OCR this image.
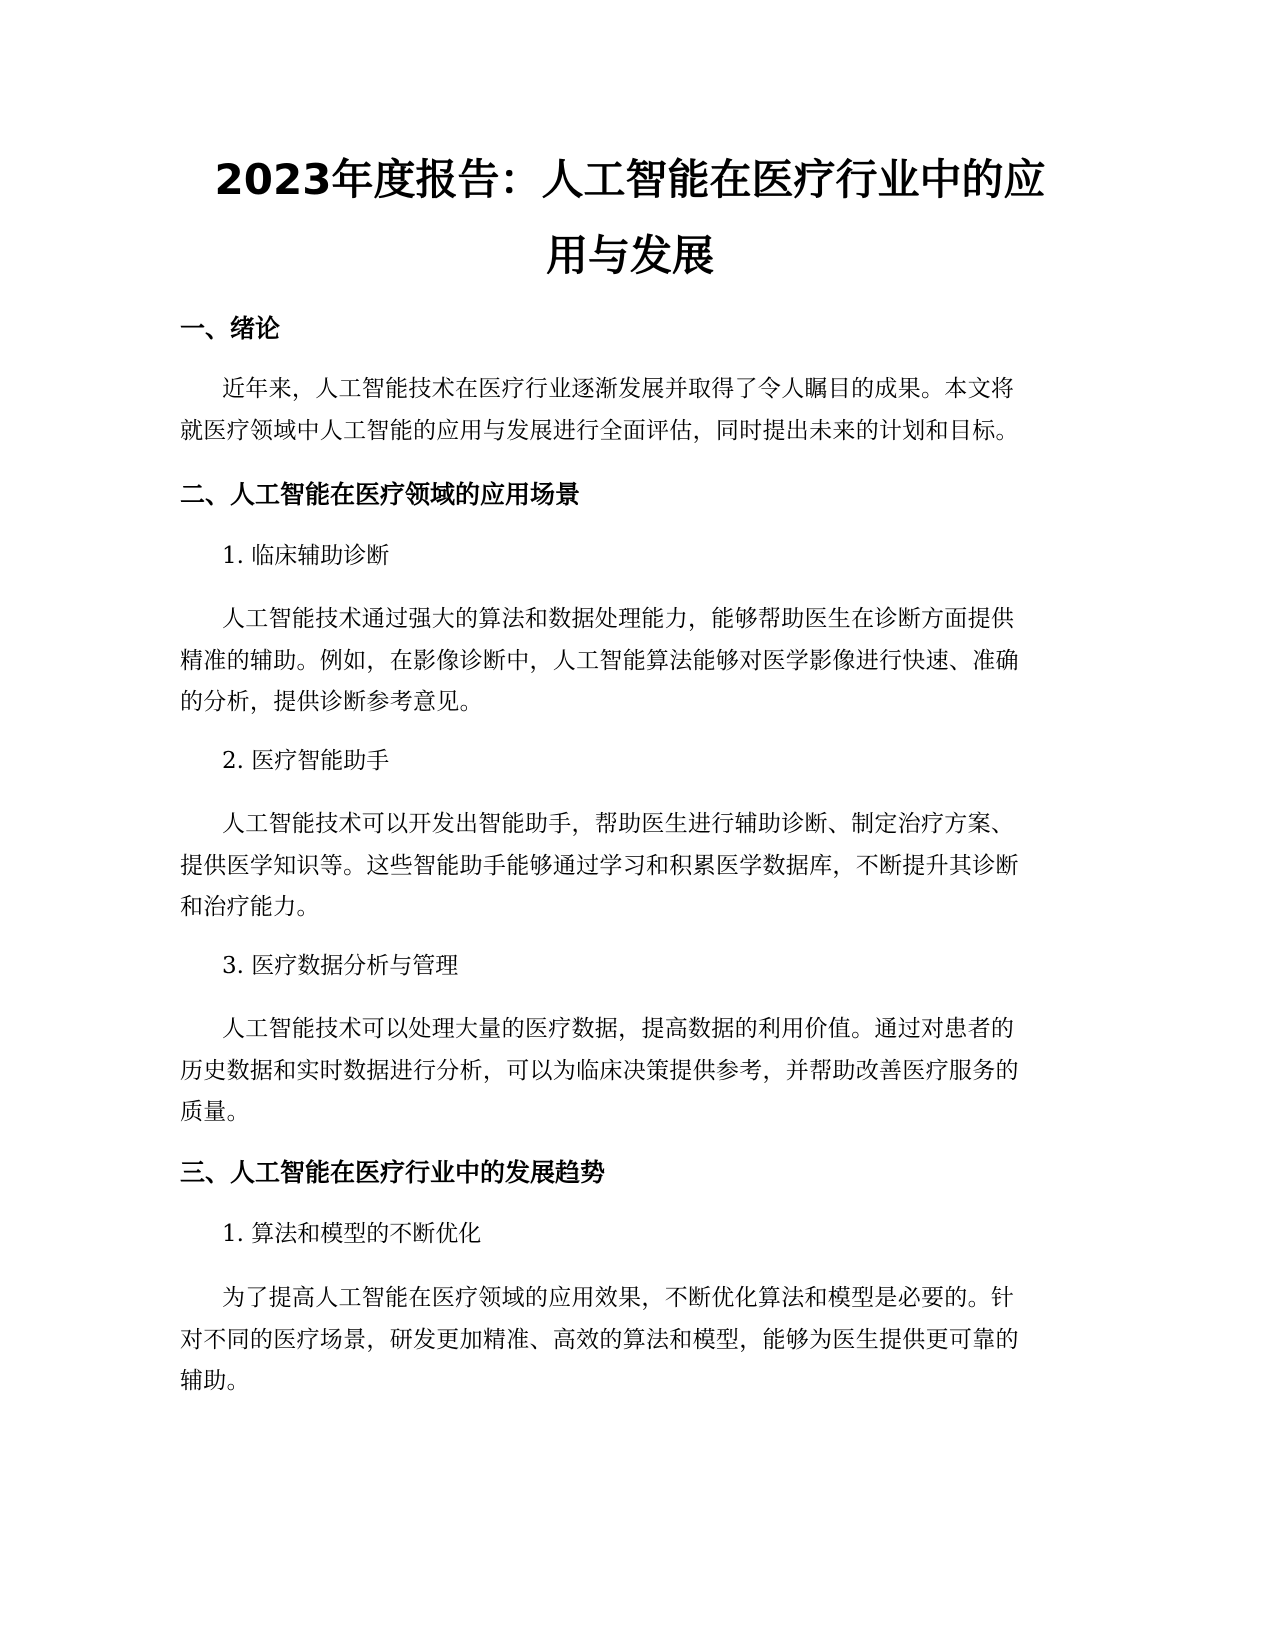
2023年度报告：人工智能在医疗行业中的应
用与发展
一、绪论

近年来，人工智能技术在医疗行业逐渐发展并取得了令人瞩目的成果。本文将
就医疗领域中人工智能的应用与发展进行全面评估，同时提出未来的计划和目标。

二、人工智能在医疗领域的应用场景

1. 临床辅助诊断

人工智能技术通过强大的算法和数据处理能力，能够帮助医生在诊断方面提供
精准的辅助。例如，在影像诊断中，人工智能算法能够对医学影像进行快速、准确
的分析，提供诊断参考意见。

2. 医疗智能助手

人工智能技术可以开发出智能助手，帮助医生进行辅助诊断、制定治疗方案、
提供医学知识等。这些智能助手能够通过学习和积累医学数据库，不断提升其诊断
和治疗能力。

3. 医疗数据分析与管理

人工智能技术可以处理大量的医疗数据，提高数据的利用价值。通过对患者的
历史数据和实时数据进行分析，可以为临床决策提供参考，并帮助改善医疗服务的
质量。

三、人工智能在医疗行业中的发展趋势

1. 算法和模型的不断优化

为了提高人工智能在医疗领域的应用效果，不断优化算法和模型是必要的。针
对不同的医疗场景，研发更加精准、高效的算法和模型，能够为医生提供更可靠的
辅助。
